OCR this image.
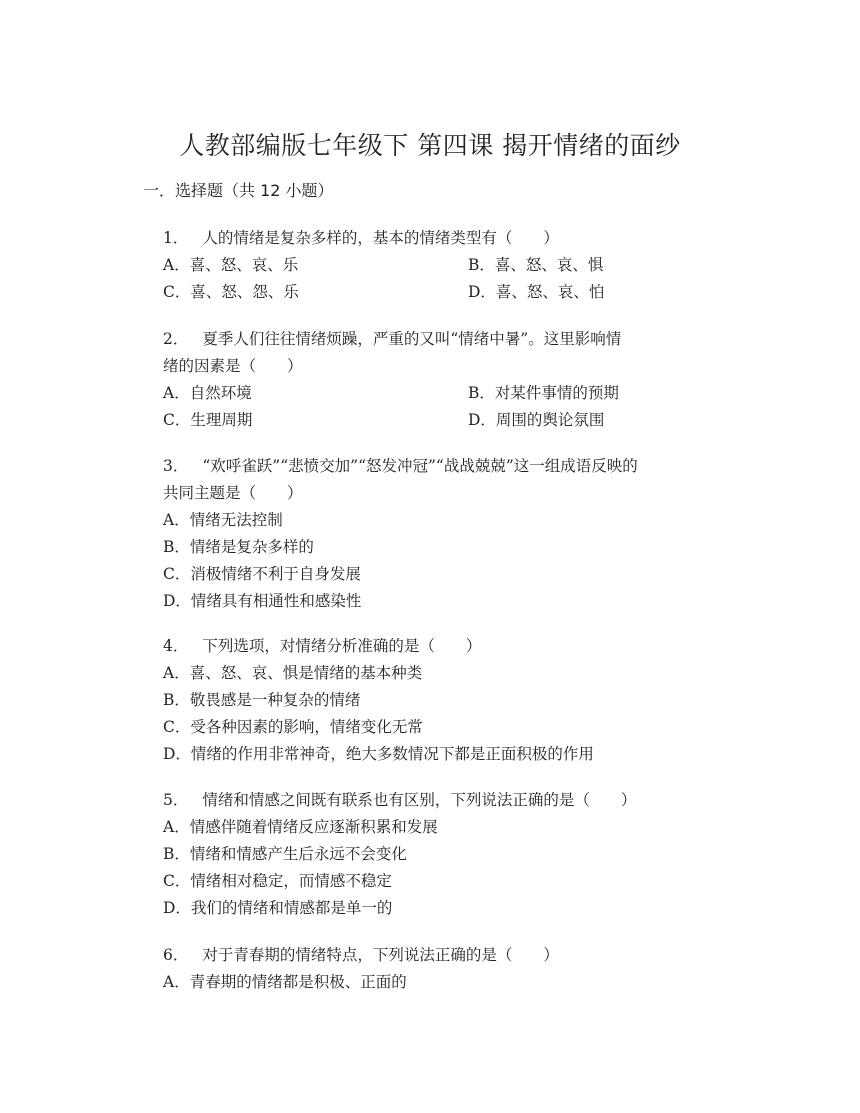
人教部编版七年级下 第四课 揭开情绪的面纱
一．选择题（共 12 小题）

1． 人的情绪是复杂多样的，基本的情绪类型有（　　）

A．喜、怒、哀、乐	B．喜、怒、哀、惧

C．喜、怒、怨、乐	D．喜、怒、哀、怕

2． 夏季人们往往情绪烦躁，严重的又叫“情绪中暑”。这里影响情

绪的因素是（　　）

A．自然环境	B．对某件事情的预期

C．生理周期	D．周围的舆论氛围

3． “欢呼雀跃”“悲愤交加”“怒发冲冠”“战战兢兢”这一组成语反映的

共同主题是（　　）

A．情绪无法控制

B．情绪是复杂多样的

C．消极情绪不利于自身发展

D．情绪具有相通性和感染性

4． 下列选项，对情绪分析准确的是（　　）

A．喜、怒、哀、惧是情绪的基本种类

B．敬畏感是一种复杂的情绪

C．受各种因素的影响，情绪变化无常

D．情绪的作用非常神奇，绝大多数情况下都是正面积极的作用

5． 情绪和情感之间既有联系也有区别，下列说法正确的是（　　）

A．情感伴随着情绪反应逐渐积累和发展

B．情绪和情感产生后永远不会变化

C．情绪相对稳定，而情感不稳定

D．我们的情绪和情感都是单一的

6． 对于青春期的情绪特点，下列说法正确的是（　　）

A．青春期的情绪都是积极、正面的
